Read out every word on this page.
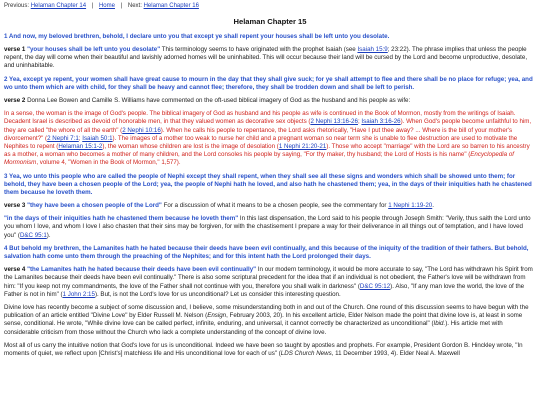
Previous: Helaman Chapter 14 | Home | Next: Helaman Chapter 16
Helaman Chapter 15

1 And now, my beloved brethren, behold, I declare unto you that except ye shall repent your houses shall be left unto you desolate.

verse 1 "your houses shall be left unto you desolate" This terminology seems to have originated with the prophet Isaiah (see Isaiah 15:9; 23:22). The phrase implies that unless the people repent, the day will come when their beautiful and lavishly adorned homes will be uninhabited. This will occur because their land will be cursed by the Lord and become unproductive, desolate, and uninhabitable.

2 Yea, except ye repent, your women shall have great cause to mourn in the day that they shall give suck; for ye shall attempt to flee and there shall be no place for refuge; yea, and wo unto them which are with child, for they shall be heavy and cannot flee; therefore, they shall be trodden down and shall be left to perish.

verse 2 Donna Lee Bowen and Camille S. Williams have commented on the oft-used biblical imagery of God as the husband and his people as wife:

In a sense, the woman is the image of God's people. The biblical imagery of God as husband and his people as wife is continued in the Book of Mormon, mostly from the writings of Isaiah. Decadent Israel is described as devoid of honorable men, in that they valued women as decorative sex objects (2 Nephi 13:16-26; Isaiah 3:16-26). When God's people become unfaithful to him, they are called "the whore of all the earth" (2 Nephi 10:16). When he calls his people to repentance, the Lord asks rhetorically, "Have I put thee away? ... Where is the bill of your mother's divorcement?" (2 Nephi 7:1; Isaiah 50:1). The images of a mother too weak to nurse her child and a pregnant woman so near term she is unable to flee destruction are used to motivate the Nephites to repent (Helaman 15:1-2), the woman whose children are lost is the image of desolation (1 Nephi 21:20-21). Those who accept "marriage" with the Lord are so barren to his ancestry as a mother, a woman who becomes a mother of many children, and the Lord consoles his people by saying, "For thy maker, thy husband; the Lord of Hosts is his name" (Encyclopedia of Mormonism, volume 4, "Women in the Book of Mormon," 1,577).

3 Yea, wo unto this people who are called the people of Nephi except they shall repent, when they shall see all these signs and wonders which shall be showed unto them; for behold, they have been a chosen people of the Lord; yea, the people of Nephi hath he loved, and also hath he chastened them; yea, in the days of their iniquities hath he chastened them because he loveth them.

verse 3 "they have been a chosen people of the Lord" For a discussion of what it means to be a chosen people, see the commentary for 1 Nephi 1:19-20.

"in the days of their iniquities hath he chastened them because he loveth them" In this last dispensation, the Lord said to his people through Joseph Smith: "Verily, thus saith the Lord unto you whom I love, and whom I love I also chasten that their sins may be forgiven, for with the chastisement I prepare a way for their deliverance in all things out of temptation, and I have loved you" (D&C 95:1).

4 But behold my brethren, the Lamanites hath he hated because their deeds have been evil continually, and this because of the iniquity of the tradition of their fathers. But behold, salvation hath come unto them through the preaching of the Nephites; and for this intent hath the Lord prolonged their days.

verse 4 "the Lamanites hath he hated because their deeds have been evil continually" In our modern terminology, it would be more accurate to say, "The Lord has withdrawn his Spirit from the Lamanites because their deeds have been evil continually." There is also some scriptural precedent for the idea that if an individual is not obedient, the Father's love will be withdrawn from him: "If you keep not my commandments, the love of the Father shall not continue with you, therefore you shall walk in darkness" (D&C 95:12). Also, "If any man love the world, the love of the Father is not in him" (1 John 2:15). But, is not the Lord's love for us unconditional? Let us consider this interesting question.

Divine love has recently become a subject of some discussion and, I believe, some misunderstanding both in and out of the Church. One round of this discussion seems to have begun with the publication of an article entitled "Divine Love" by Elder Russell M. Nelson (Ensign, February 2003, 20). In his excellent article, Elder Nelson made the point that divine love is, at least in some sense, conditional. He wrote, "While divine love can be called perfect, infinite, enduring, and universal, it cannot correctly be characterized as unconditional" (Ibid.). His article met with considerable criticism from those without the Church who lack a complete understanding of the concept of divine love.

Most all of us carry the intuitive notion that God's love for us is unconditional. Indeed we have been so taught by apostles and prophets. For example, President Gordon B. Hinckley wrote, "In moments of quiet, we reflect upon [Christ's] matchless life and His unconditional love for each of us" (LDS Church News, 11 December 1993, 4). Elder Neal A. Maxwell
